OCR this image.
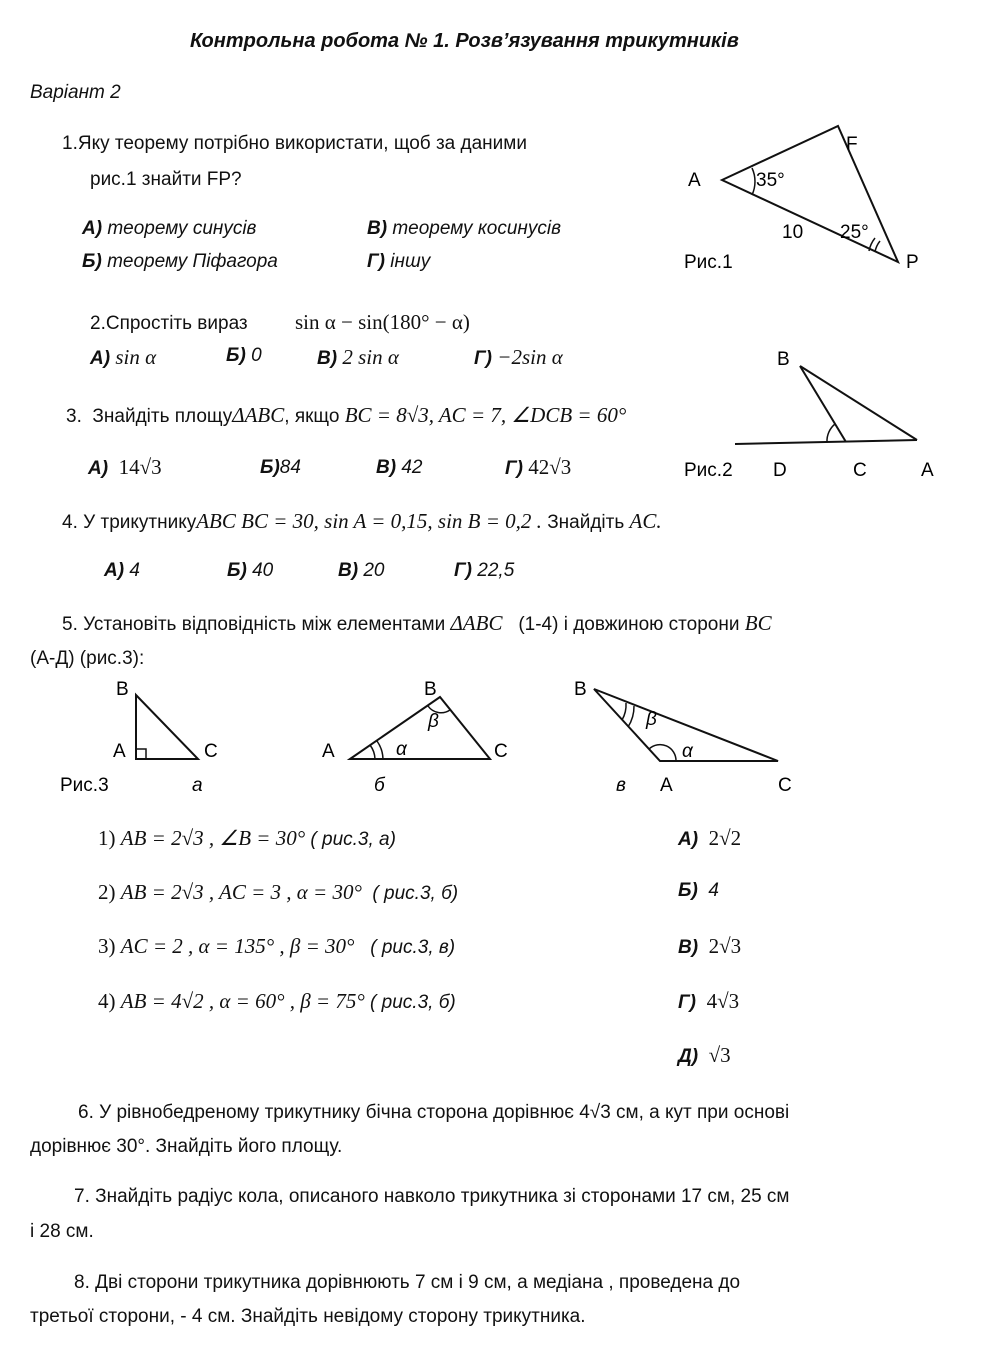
Контрольна робота № 1. Розв’язування трикутників
Варіант 2
1.Яку теорему потрібно використати, щоб за даними
рис.1 знайти FP?
А) теорему синусів
Б) теорему Піфагора
В) теорему косинусів
Г) іншу
A
F
P
35°
25°
10
Рис.1
2.Спростіть вираз sin α − sin(180° − α)
А) sin α	Б) 0	В) 2 sin α	Г) −2sin α
3. Знайдіть площуΔABC, якщо BC = 8√3, AC = 7, ∠DCB = 60°
А) 14√3	Б)84	В) 42	Г) 42√3
B
D	C	A
Рис.2
4. У трикутникуABC BC = 30, sin A = 0,15, sin B = 0,2 . Знайдіть AC.
А) 4	Б) 40	В) 20	Г) 22,5
5. Установіть відповідність між елементами ΔABC (1-4) і довжиною сторони BC
(А-Д) (рис.3):
B
A	C
Рис.3	а
B
A	C
α
β
б
B
A	C
α
β
в
1) AB = 2√3 , ∠B = 30° ( рис.3, а)
2) AB = 2√3 , AC = 3 , α = 30° ( рис.3, б)
3) AC = 2 , α = 135° , β = 30° ( рис.3, в)
4) AB = 4√2 , α = 60° , β = 75° ( рис.3, б)
А) 2√2
Б) 4
В) 2√3
Г) 4√3
Д) √3
6. У рівнобедреному трикутнику бічна сторона дорівнює 4√3 см, а кут при основі
дорівнює 30°. Знайдіть його площу.
7. Знайдіть радіус кола, описаного навколо трикутника зі сторонами 17 см, 25 см
і 28 см.
8. Дві сторони трикутника дорівнюють 7 см і 9 см, а медіана , проведена до
третьої сторони, - 4 см. Знайдіть невідому сторону трикутника.
